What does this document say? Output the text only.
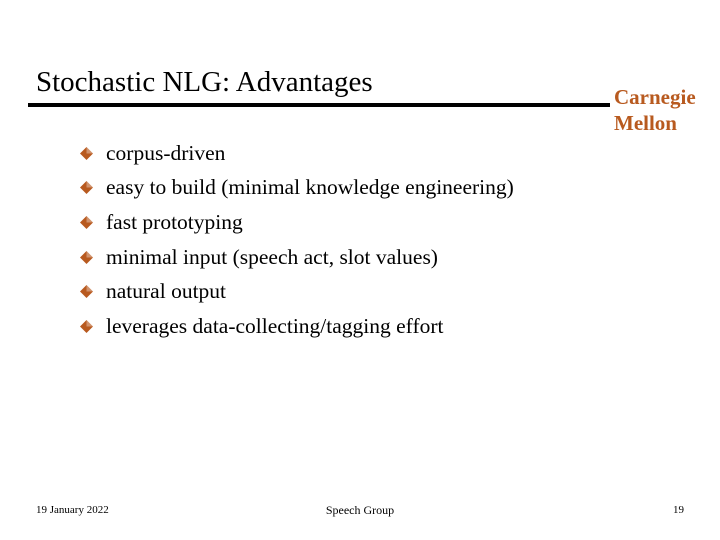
Stochastic NLG: Advantages	Carnegie
Mellon
corpus-driven
easy to build (minimal knowledge engineering)
fast prototyping
minimal input (speech act, slot values)
natural output
leverages data-collecting/tagging effort
19 January 2022	Speech Group	19
